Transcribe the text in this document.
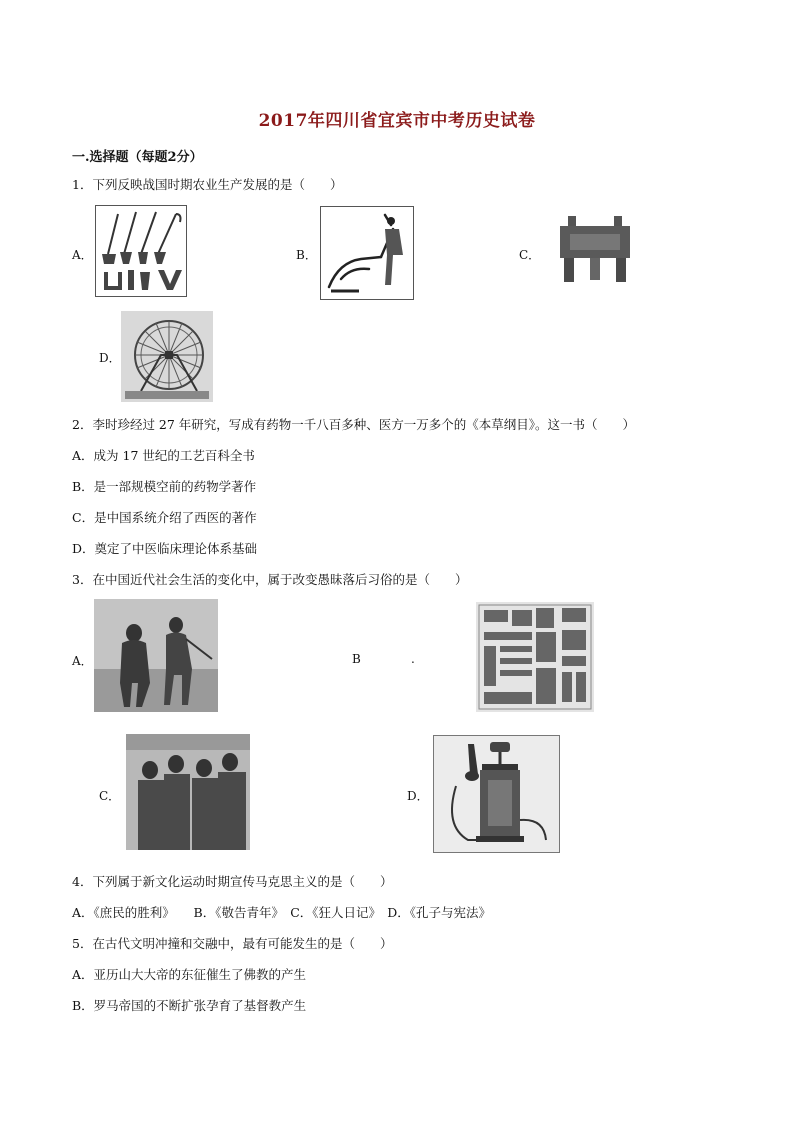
2017年四川省宜宾市中考历史试卷
一.选择题（每题2分）
1．下列反映战国时期农业生产发展的是（　　）
A．	B．	C．
D．
2．李时珍经过 27 年研究，写成有药物一千八百多种、医方一万多个的《本草纲目》。这一书（　　）
A．成为 17 世纪的工艺百科全书
B．是一部规模空前的药物学著作
C．是中国系统介绍了西医的著作
D．奠定了中医临床理论体系基础
3．在中国近代社会生活的变化中，属于改变愚昧落后习俗的是（　　）
A．	B	.
C．	D．
4．下列属于新文化运动时期宣传马克思主义的是（　　）
A．《庶民的胜利》　　B．《敬告青年》　C．《狂人日记》　D．《孔子与宪法》
5．在古代文明冲撞和交融中，最有可能发生的是（　　）
A．亚历山大大帝的东征催生了佛教的产生
B．罗马帝国的不断扩张孕育了基督教产生
